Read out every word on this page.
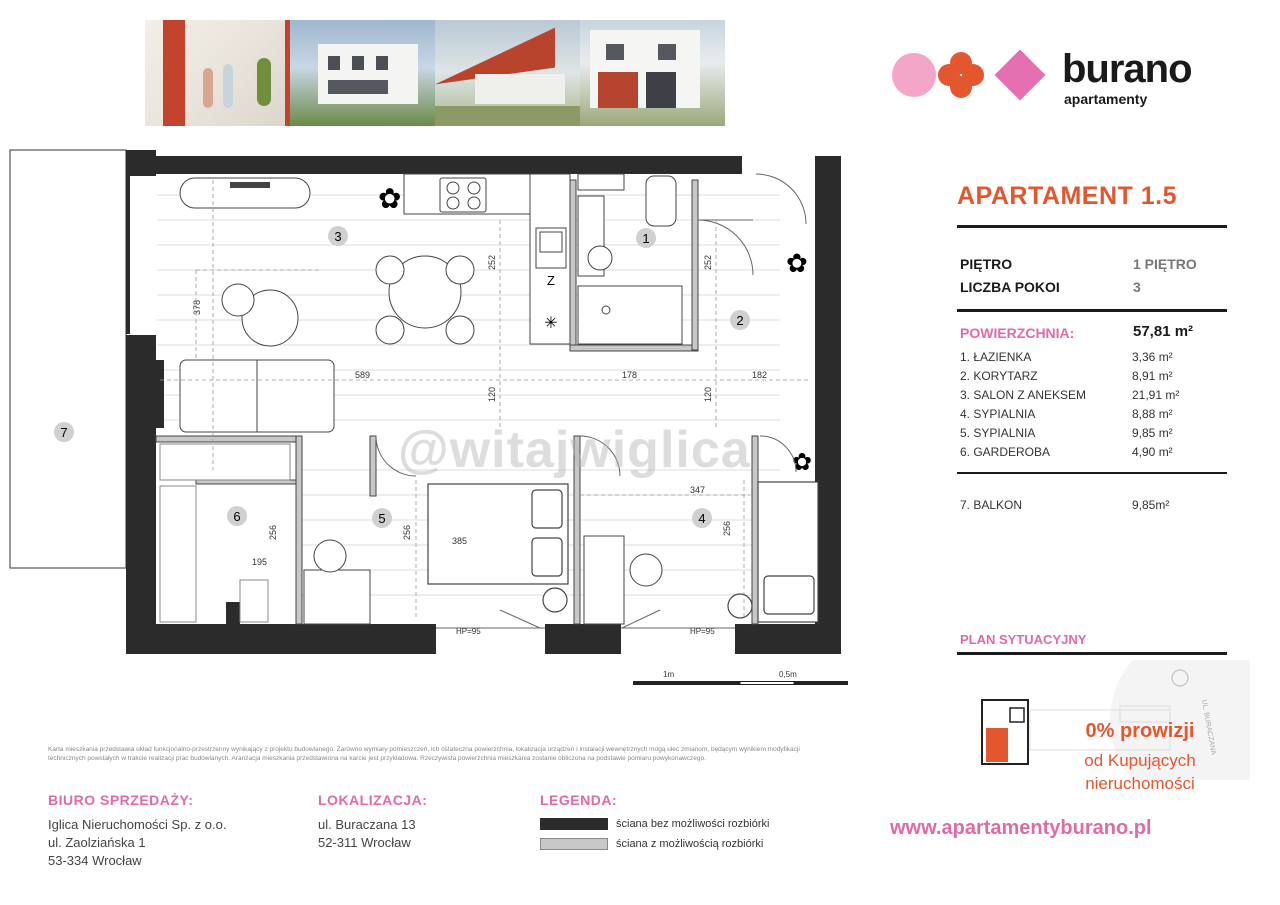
burano
apartamenty
Z
✳
✿
✿
✿
378
252	252
589	178	182
120	120
347
256	256	256
385
195
HP=95	HP=95
1
2
3
4
5
6
7	@witajwiglica
1m	0,5m
APARTAMENT 1.5
PIĘTRO	1 PIĘTRO
LICZBA POKOI	3
POWIERZCHNIA:	57,81 m²
1. ŁAZIENKA	3,36 m²
2. KORYTARZ	8,91 m²
3. SALON Z ANEKSEM	21,91 m²
4. SYPIALNIA	8,88 m²
5. SYPIALNIA	9,85 m²
6. GARDEROBA	4,90 m²
7. BALKON	9,85m²
PLAN SYTUACYJNY
UL. BURACZANA
0% prowizji
od Kupujących
nieruchomości
www.apartamentyburano.pl
Karta mieszkania przedstawia układ funkcjonalno-przestrzenny wynikający z projektu budowlanego. Zarówno wymiary pomieszczeń, ich ostateczna powierzchnia, lokalizacja urządzeń i instalacji wewnętrznych mogą ulec zmianom, będącym wynikiem modyfikacji technicznych powstałych w trakcie realizacji prac budowlanych. Aranżacja mieszkania przedstawiona na karcie jest przykładowa. Rzeczywista powierzchnia mieszkania zostanie obliczona na podstawie pomiaru powykonawczego.
BIURO SPRZEDAŻY:
Iglica Nieruchomości Sp. z o.o.
ul. Zaolziańska 1
53-334 Wrocław
LOKALIZACJA:
ul. Buraczana 13
52-311 Wrocław
LEGENDA:
ściana bez możliwości rozbiórki
ściana z możliwością rozbiórki
